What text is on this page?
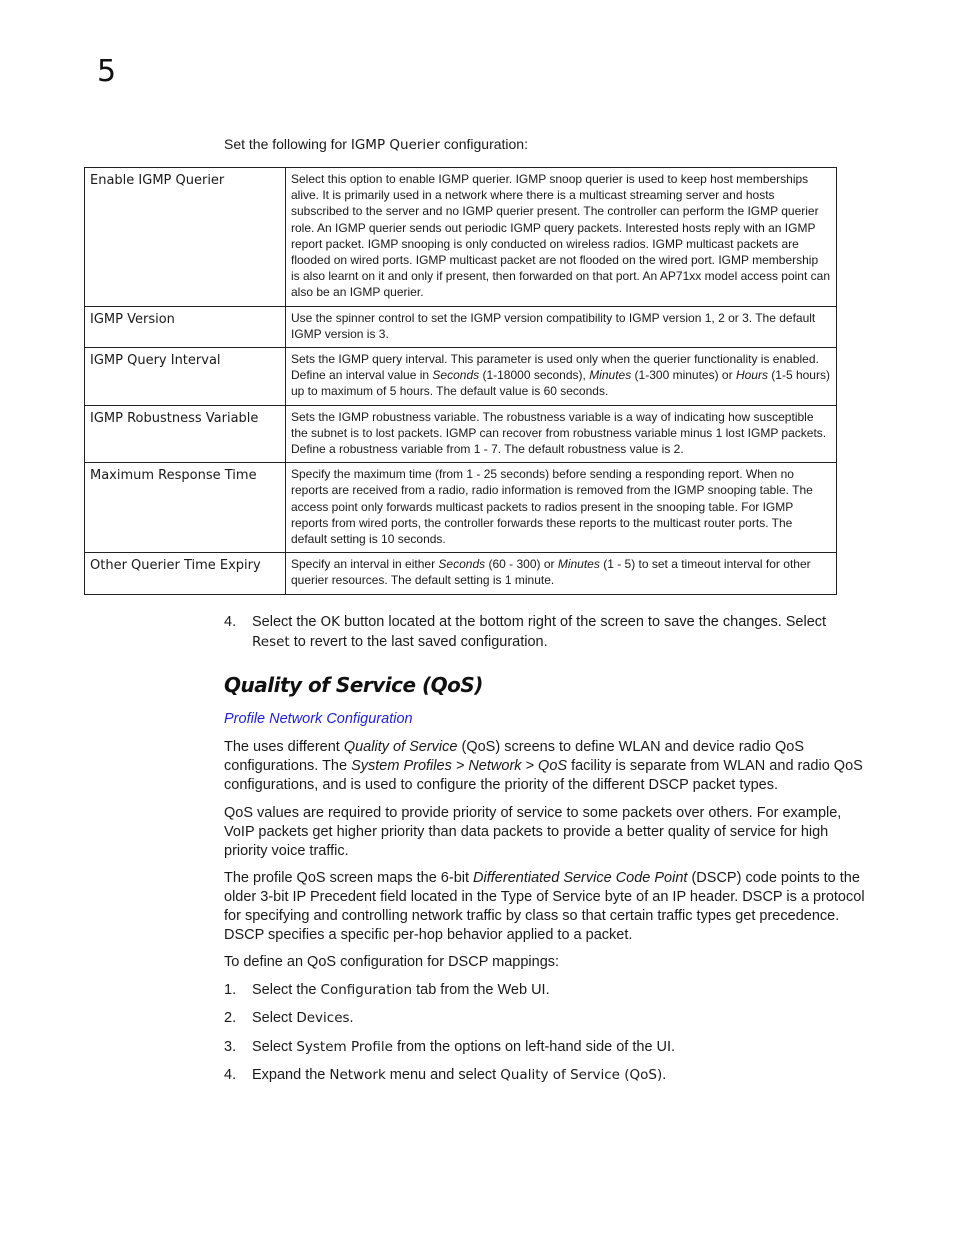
5
Set the following for IGMP Querier configuration:
Enable IGMP Querier	Select this option to enable IGMP querier. IGMP snoop querier is used to keep host memberships alive. It is primarily used in a network where there is a multicast streaming server and hosts subscribed to the server and no IGMP querier present. The controller can perform the IGMP querier role. An IGMP querier sends out periodic IGMP query packets. Interested hosts reply with an IGMP report packet. IGMP snooping is only conducted on wireless radios. IGMP multicast packets are flooded on wired ports. IGMP multicast packet are not flooded on the wired port. IGMP membership is also learnt on it and only if present, then forwarded on that port. An AP71xx model access point can also be an IGMP querier.
IGMP Version	Use the spinner control to set the IGMP version compatibility to IGMP version 1, 2 or 3. The default IGMP version is 3.
IGMP Query Interval	Sets the IGMP query interval. This parameter is used only when the querier functionality is enabled. Define an interval value in Seconds (1-18000 seconds), Minutes (1-300 minutes) or Hours (1-5 hours) up to maximum of 5 hours. The default value is 60 seconds.
IGMP Robustness Variable	Sets the IGMP robustness variable. The robustness variable is a way of indicating how susceptible the subnet is to lost packets. IGMP can recover from robustness variable minus 1 lost IGMP packets. Define a robustness variable from 1 - 7. The default robustness value is 2.
Maximum Response Time	Specify the maximum time (from 1 - 25 seconds) before sending a responding report. When no reports are received from a radio, radio information is removed from the IGMP snooping table. The access point only forwards multicast packets to radios present in the snooping table. For IGMP reports from wired ports, the controller forwards these reports to the multicast router ports. The default setting is 10 seconds.
Other Querier Time Expiry	Specify an interval in either Seconds (60 - 300) or Minutes (1 - 5) to set a timeout interval for other querier resources. The default setting is 1 minute.
4. Select the OK button located at the bottom right of the screen to save the changes. Select Reset to revert to the last saved configuration.
Quality of Service (QoS)
Profile Network Configuration
The uses different Quality of Service (QoS) screens to define WLAN and device radio QoS configurations. The System Profiles > Network > QoS facility is separate from WLAN and radio QoS configurations, and is used to configure the priority of the different DSCP packet types.
QoS values are required to provide priority of service to some packets over others. For example, VoIP packets get higher priority than data packets to provide a better quality of service for high priority voice traffic.
The profile QoS screen maps the 6-bit Differentiated Service Code Point (DSCP) code points to the older 3-bit IP Precedent field located in the Type of Service byte of an IP header. DSCP is a protocol for specifying and controlling network traffic by class so that certain traffic types get precedence. DSCP specifies a specific per-hop behavior applied to a packet.
To define an QoS configuration for DSCP mappings:
1. Select the Configuration tab from the Web UI.
2. Select Devices.
3. Select System Profile from the options on left-hand side of the UI.
4. Expand the Network menu and select Quality of Service (QoS).
